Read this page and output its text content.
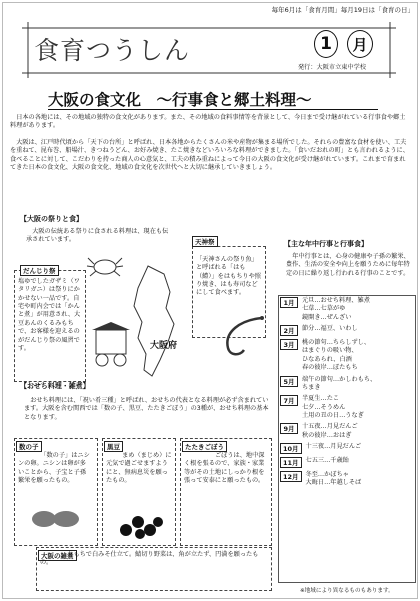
毎年6月は「食育月間」毎月19日は「食育の日」
食育つうしん	1	月
発行：大阪市立東中学校
大阪の食文化　～行事食と郷土料理～
日本の各地には、その地域の独特の食文化があります。また、その地域の食料事情等を背景として、今日まで受け継がれている行事食や郷土料理があります。
大阪は、江戸時代頃から「天下の台所」と呼ばれ、日本各地からたくさんの米や産物が集まる場所でした。それらの豊富な食材を使い、工夫を重ねて、昆布巻、船場汁、きつねうどん、お好み焼き、たこ焼きなどいろいろな料理ができました。「食いだおれの町」とも言われるように、食べることに対して、こだわりを持った商人の心意気と、工夫の積み重ねによって今日の大阪の食文化が受け継がれています。これまで育まれてきた日本の食文化、大阪の食文化、地域の食文化を次世代へと大切に継承していきましょう。
【大阪の祭りと食】
大阪の伝統ある祭りに食される料理は、現在も伝承されています。
大阪府
だんじり祭
塩ゆでしたガザミ（ワタリガニ）は祭りにかかせない一品です。自宅や町内会では「かんと煮」が用意され、大豆あんのくるみもちで、お客様を迎えるのがだんじり祭の風習です。
天神祭
「天神さんの祭り魚」と呼ばれる「はも（鱧）」をはもちりや照り焼き、はも寿司などにして食べます。
【おせち料理・雑煮】
おせち料理には、「祝い肴三種」と呼ばれ、おせちの代表となる料理が必ず含まれています。大阪を含む関西では「数の子、黒豆、たたきごぼう」の3種が、おせち料理の基本となります。
数の子
「数の子」はニシンの卵。ニシンは卵が多いことから、子宝と子孫繁栄を願ったもの。
黒豆
まめ（まじめ）に元気で過ごせますようにと、無病息災を願ったもの。
たたきごぼう
ごぼうは、地中深く根を張るので、家族・家業等がその土地にしっかり根を張って安泰にと願ったもの。
大阪の雑煮
丸もちで白みそ仕立て。鯖切り野菜は、角が立たず、円満を願ったもの。
【主な年中行事と行事食】
年中行事とは、心身の健康や子孫の繁栄、豊作、生活の安全や向上を願うために毎年特定の日に繰り返し行われる行事のことです。
1月	元旦…おせち料理、雑煮
七草…七草がゆ
鏡開き…ぜんざい
2月	節分…福豆、いわし
3月	桃の節句…ちらしずし、
はまぐりの吸い物、
ひなあられ、白酒
春の彼岸…ぼたもち
5月	端午の節句…かしわもち、
ちまき
7月	半夏生…たこ
七夕…そうめん
土用の丑の日…うなぎ
9月	十五夜…月見だんご
秋の彼岸…おはぎ
10月	十三夜…月見だんご
11月	七五三…千歳飴
12月	冬至…かぼちゃ
大晦日…年越しそば
※地域により異なるものもあります。
